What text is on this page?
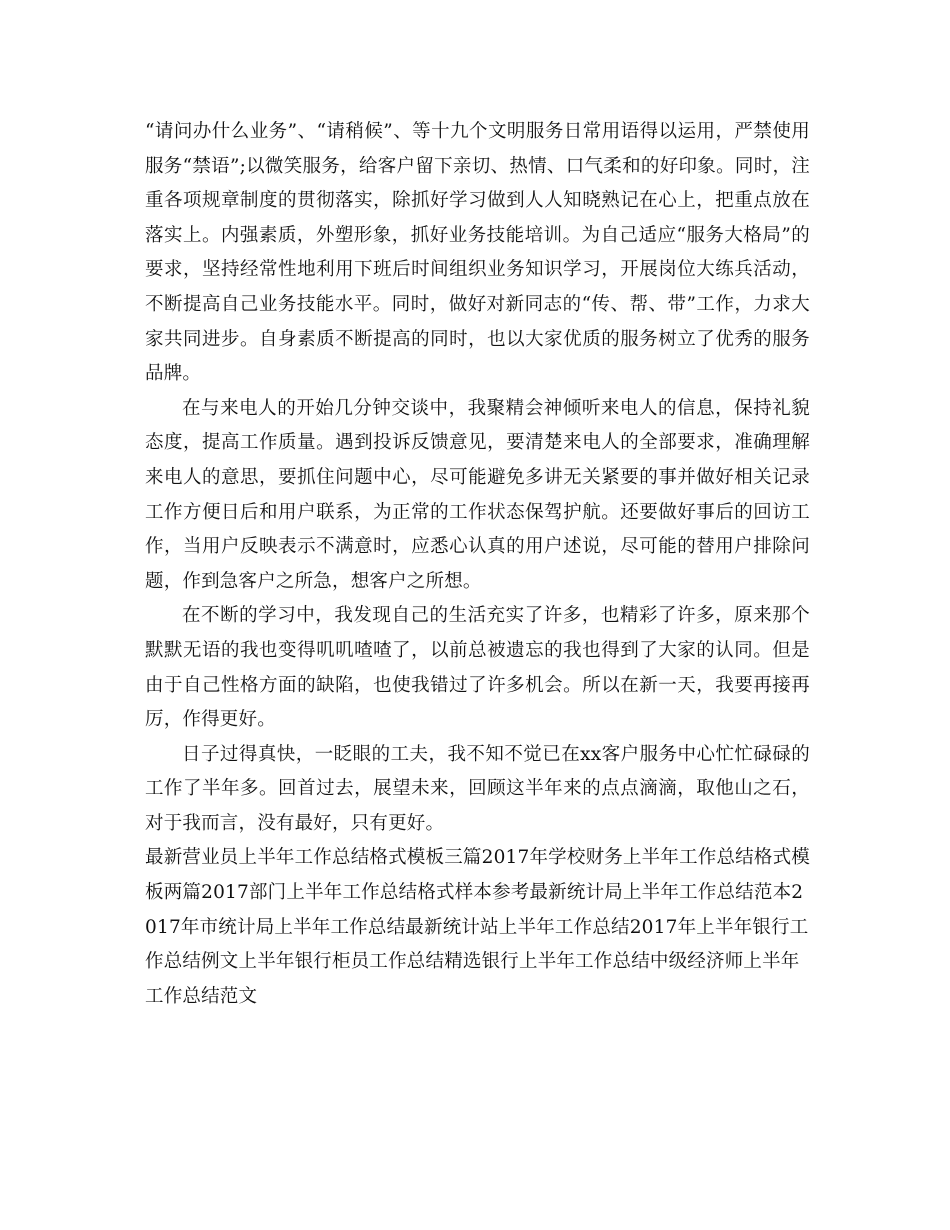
“请问办什么业务”、“请稍候”、等十九个文明服务日常用语得以运用，严禁使用服务“禁语”;以微笑服务，给客户留下亲切、热情、口气柔和的好印象。同时，注重各项规章制度的贯彻落实，除抓好学习做到人人知晓熟记在心上，把重点放在落实上。内强素质，外塑形象，抓好业务技能培训。为自己适应“服务大格局”的要求，坚持经常性地利用下班后时间组织业务知识学习，开展岗位大练兵活动，不断提高自己业务技能水平。同时，做好对新同志的“传、帮、带”工作，力求大家共同进步。自身素质不断提高的同时，也以大家优质的服务树立了优秀的服务品牌。

在与来电人的开始几分钟交谈中，我聚精会神倾听来电人的信息，保持礼貌态度，提高工作质量。遇到投诉反馈意见，要清楚来电人的全部要求，准确理解来电人的意思，要抓住问题中心，尽可能避免多讲无关紧要的事并做好相关记录工作方便日后和用户联系，为正常的工作状态保驾护航。还要做好事后的回访工作，当用户反映表示不满意时，应悉心认真的用户述说，尽可能的替用户排除问题，作到急客户之所急，想客户之所想。

在不断的学习中，我发现自己的生活充实了许多，也精彩了许多，原来那个默默无语的我也变得叽叽喳喳了，以前总被遗忘的我也得到了大家的认同。但是由于自己性格方面的缺陷，也使我错过了许多机会。所以在新一天，我要再接再厉，作得更好。

日子过得真快，一眨眼的工夫，我不知不觉已在xx客户服务中心忙忙碌碌的工作了半年多。回首过去，展望未来，回顾这半年来的点点滴滴，取他山之石，对于我而言，没有最好，只有更好。

最新营业员上半年工作总结格式模板三篇2017年学校财务上半年工作总结格式模板两篇2017部门上半年工作总结格式样本参考最新统计局上半年工作总结范本2017年市统计局上半年工作总结最新统计站上半年工作总结2017年上半年银行工作总结例文上半年银行柜员工作总结精选银行上半年工作总结中级经济师上半年工作总结范文
